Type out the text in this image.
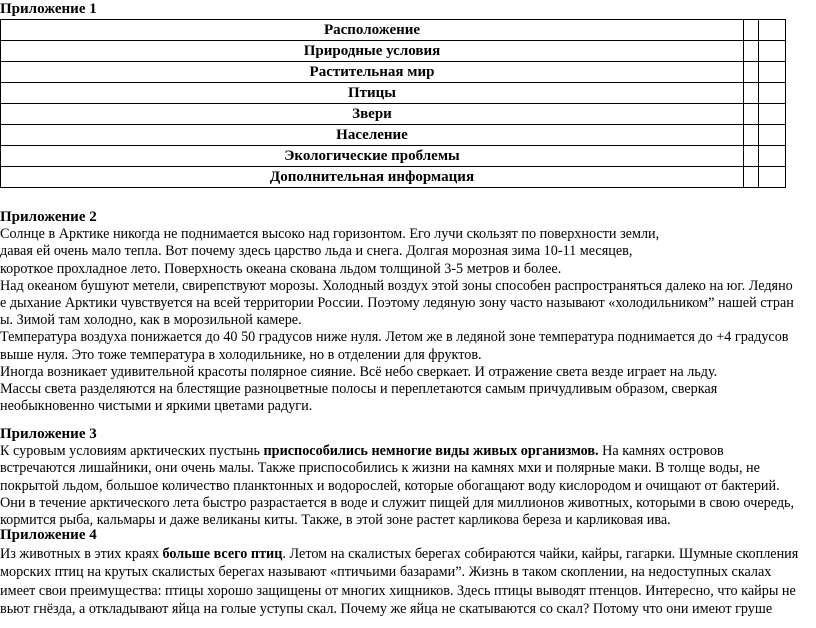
Приложение 1
Расположение		
Природные условия		
Растительная мир		
Птицы		
Звери		
Население		
Экологические проблемы		
Дополнительная информация		
Приложение 2
Солнце в Арктике никогда не поднимается высоко над горизонтом. Его лучи скользят по поверхности земли,
давая ей очень мало тепла. Вот почему здесь царство льда и снега. Долгая морозная зима 10-11 месяцев,
короткое прохладное лето. Поверхность океана скована льдом толщиной 3-5 метров и более.
Над океаном бушуют метели, свирепствуют морозы. Холодный воздух этой зоны способен распространяться далеко на юг. Ледяно
е дыхание Арктики чувствуется на всей территории России. Поэтому ледяную зону часто называют «холодильником” нашей стран
ы. Зимой там холодно, как в морозильной камере.
Температура воздуха понижается до 40 50 градусов ниже нуля. Летом же в ледяной зоне температура поднимается до +4 градусов
выше нуля. Это тоже температура в холодильнике, но в отделении для фруктов.
Иногда возникает удивительной красоты полярное сияние. Всё небо сверкает. И отражение света везде играет на льду.
Массы света разделяются на блестящие разноцветные полосы и переплетаются самым причудливым образом, сверкая
необыкновенно чистыми и яркими цветами радуги.
Приложение 3
К суровым условиям арктических пустынь приспособились немногие виды живых организмов. На камнях островов
встречаются лишайники, они очень малы. Также приспособились к жизни на камнях мхи и полярные маки. В толще воды, не
покрытой льдом, большое количество планктонных и водорослей, которые обогащают воду кислородом и очищают от бактерий.
Они в течение арктического лета быстро разрастается в воде и служит пищей для миллионов животных, которыми в свою очередь,
кормится рыба, кальмары и даже великаны киты. Также, в этой зоне растет карликова береза и карликовая ива.
Приложение 4
Из животных в этих краях больше всего птиц. Летом на скалистых берегах собираются чайки, кайры, гагарки. Шумные скопления
морских птиц на крутых скалистых берегах называют «птичьими базарами”. Жизнь в таком скоплении, на недоступных скалах
имеет свои преимущества: птицы хорошо защищены от многих хищников. Здесь птицы выводят птенцов. Интересно, что кайры не
вьют гнёзда, а откладывают яйца на голые уступы скал. Почему же яйца не скатываются со скал? Потому что они имеют груше
